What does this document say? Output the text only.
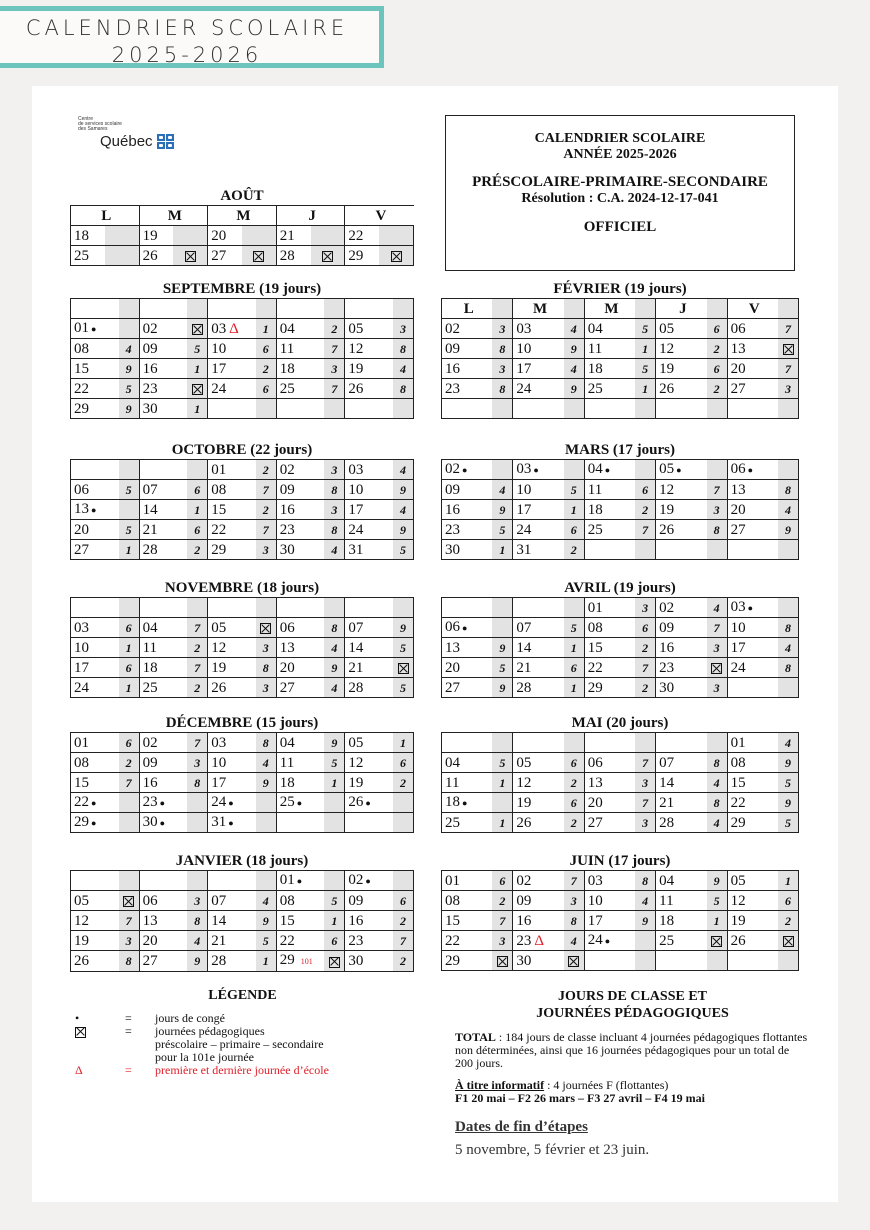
CALENDRIER SCOLAIRE
2025-2026
Centre
de services scolaire
des Samares
Québec	CALENDRIER SCOLAIRE
ANNÉE 2025-2026
PRÉSCOLAIRE-PRIMAIRE-SECONDAIRE
Résolution : C.A. 2024-12-17-041
OFFICIEL
AOÛT
L		M		M		J		V	
18		19		20		21		22	
25		26		27		28		29	
SEPTEMBRE (19 jours)

01 ●		02		03 Δ	1	04	2	05	3
08	4	09	5	10	6	11	7	12	8
15	9	16	1	17	2	18	3	19	4
22	5	23		24	6	25	7	26	8
29	9	30	1						
OCTOBRE (22 jours)
				01	2	02	3	03	4
06	5	07	6	08	7	09	8	10	9
13 ●		14	1	15	2	16	3	17	4
20	5	21	6	22	7	23	8	24	9
27	1	28	2	29	3	30	4	31	5
NOVEMBRE (18 jours)

03	6	04	7	05		06	8	07	9
10	1	11	2	12	3	13	4	14	5
17	6	18	7	19	8	20	9	21	
24	1	25	2	26	3	27	4	28	5
DÉCEMBRE (15 jours)
01	6	02	7	03	8	04	9	05	1
08	2	09	3	10	4	11	5	12	6
15	7	16	8	17	9	18	1	19	2
22 ●		23 ●		24 ●		25 ●		26 ●	
29 ●		30 ●		31 ●					
JANVIER (18 jours)
						01 ●		02 ●	
05		06	3	07	4	08	5	09	6
12	7	13	8	14	9	15	1	16	2
19	3	20	4	21	5	22	6	23	7
26	8	27	9	28	1	29 101		30	2
FÉVRIER (19 jours)
L		M		M		J		V	
02	3	03	4	04	5	05	6	06	7
09	8	10	9	11	1	12	2	13	
16	3	17	4	18	5	19	6	20	7
23	8	24	9	25	1	26	2	27	3

MARS (17 jours)
02 ●		03 ●		04 ●		05 ●		06 ●	
09	4	10	5	11	6	12	7	13	8
16	9	17	1	18	2	19	3	20	4
23	5	24	6	25	7	26	8	27	9
30	1	31	2						
AVRIL (19 jours)
				01	3	02	4	03 ●	
06 ●		07	5	08	6	09	7	10	8
13	9	14	1	15	2	16	3	17	4
20	5	21	6	22	7	23		24	8
27	9	28	1	29	2	30	3		
MAI (20 jours)
								01	4
04	5	05	6	06	7	07	8	08	9
11	1	12	2	13	3	14	4	15	5
18 ●		19	6	20	7	21	8	22	9
25	1	26	2	27	3	28	4	29	5
JUIN (17 jours)
01	6	02	7	03	8	04	9	05	1
08	2	09	3	10	4	11	5	12	6
15	7	16	8	17	9	18	1	19	2
22	3	23 Δ	4	24 ●		25		26	
29		30							
LÉGENDE
•	=	jours de congé
=	journées pédagogiques
préscolaire – primaire – secondaire
pour la 101e journée
Δ	=	première et dernière journée d’école
JOURS DE CLASSE ET
JOURNÉES PÉDAGOGIQUES

TOTAL : 184 jours de classe incluant 4 journées pédagogiques flottantes non déterminées, ainsi que 16 journées pédagogiques pour un total de 200 jours.

À titre informatif : 4 journées F (flottantes)
F1 20 mai – F2 26 mars – F3 27 avril – F4 19 mai

Dates de fin d’étapes
5 novembre, 5 février et 23 juin.
